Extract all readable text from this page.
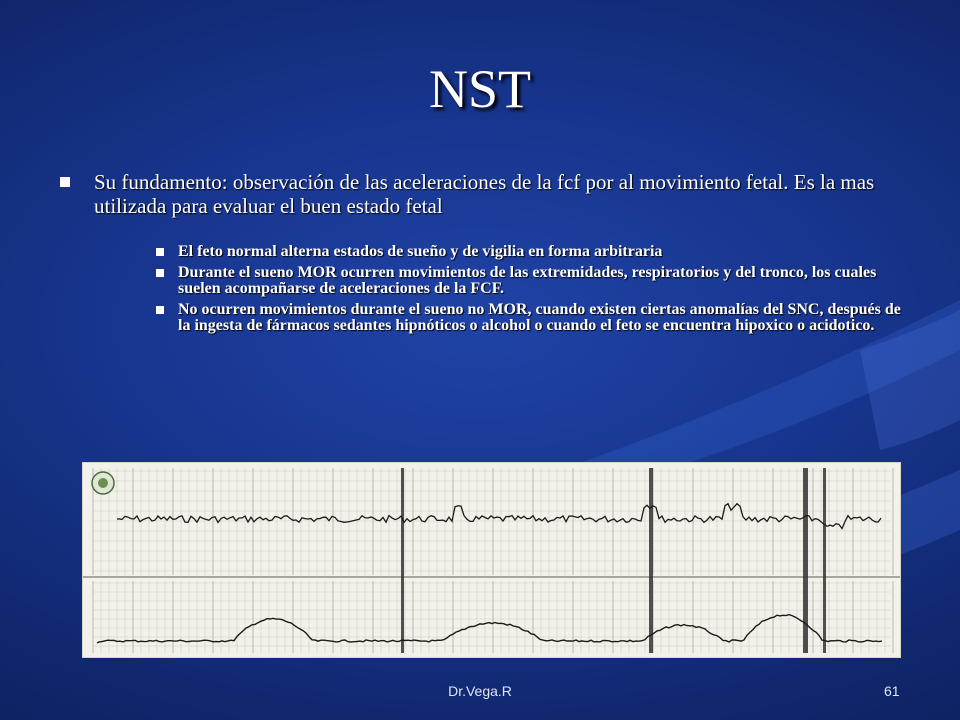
NST
Su fundamento: observación de las aceleraciones de la fcf por al movimiento fetal. Es la mas utilizada para evaluar el buen estado fetal
El feto normal alterna estados de sueño y de vigilia en forma arbitraria
Durante el sueno MOR ocurren movimientos de las extremidades, respiratorios y del tronco, los cuales suelen acompañarse de aceleraciones de la FCF.
No ocurren movimientos durante el sueno no MOR, cuando existen ciertas anomalías del SNC, después de la ingesta de fármacos sedantes hipnóticos o alcohol o cuando el feto se encuentra hipoxico o acidotico.
Dr.Vega.R	61
